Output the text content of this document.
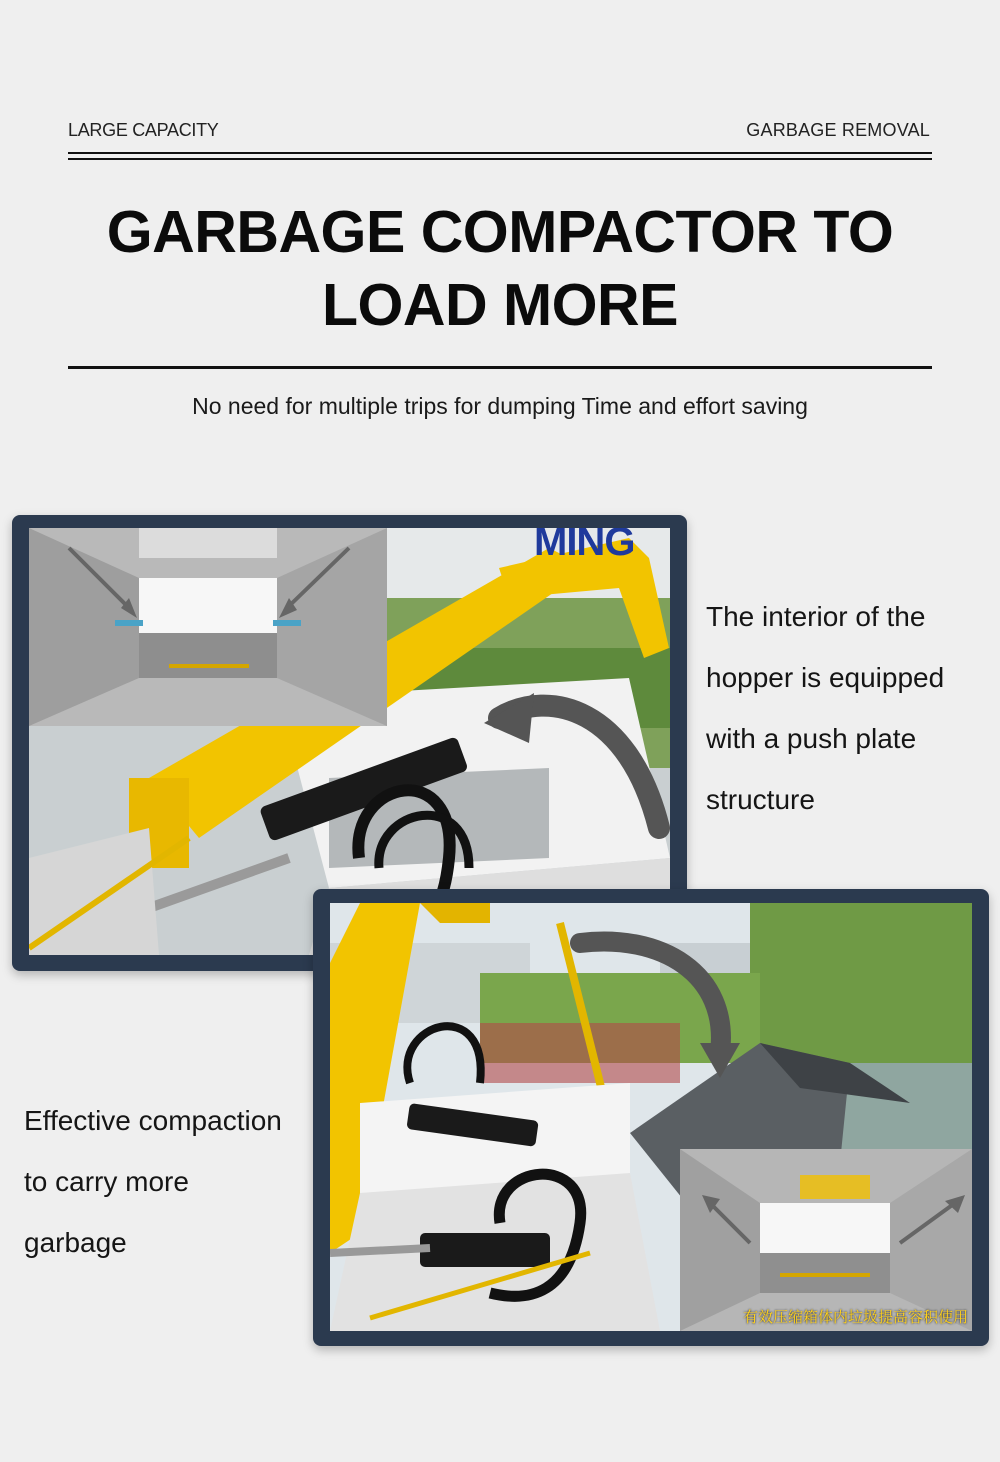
LARGE CAPACITY	GARBAGE REMOVAL
GARBAGE COMPACTOR TO
LOAD MORE
No need for multiple trips for dumping Time and effort saving
MING
The interior of the
hopper is equipped
with a push plate
structure
有效压缩箱体内垃圾提高容积使用
Effective compaction
to carry more
garbage
